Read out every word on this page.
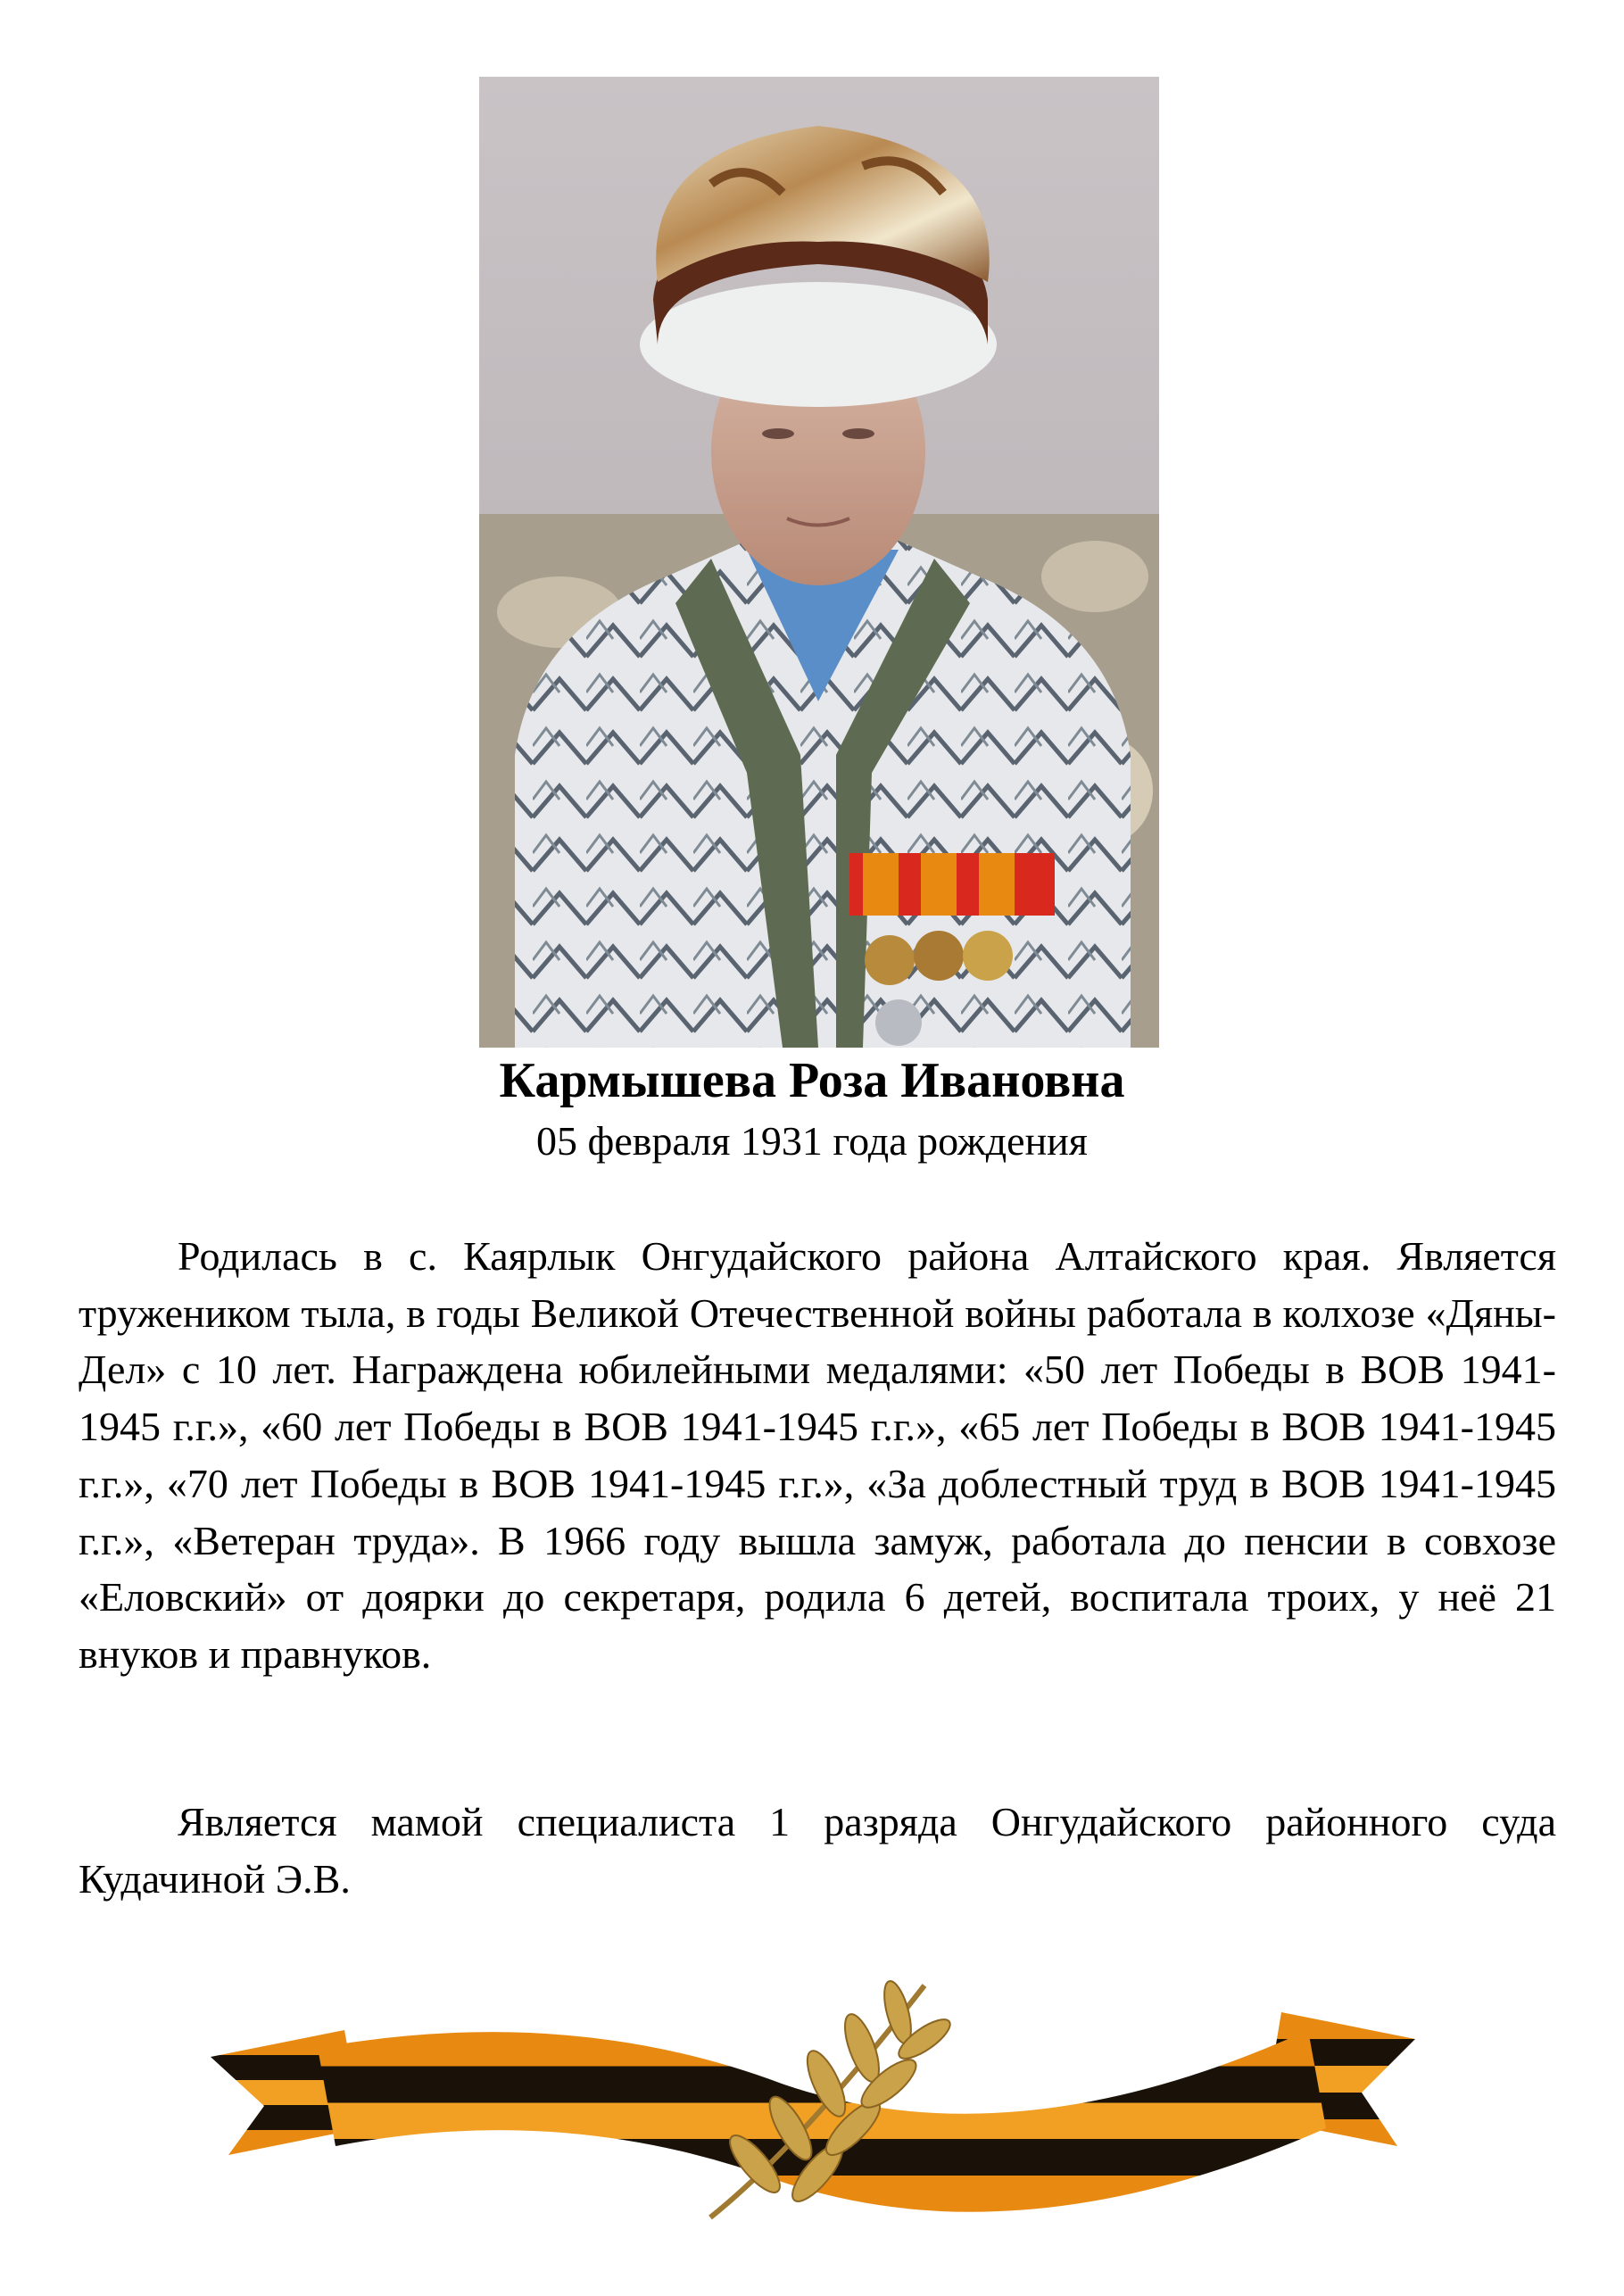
Кармышева Роза Ивановна

05 февраля 1931 года рождения

Родилась в с. Каярлык Онгудайского района Алтайского края. Является тружеником тыла, в годы Великой Отечественной войны работала в колхозе «Дяны-Дел» с 10 лет. Награждена юбилейными медалями: «50 лет Победы в ВОВ 1941-1945 г.г.», «60 лет Победы в ВОВ 1941-1945 г.г.», «65 лет Победы в ВОВ 1941-1945 г.г.», «70 лет Победы в ВОВ 1941-1945 г.г.», «За доблестный труд в ВОВ 1941-1945 г.г.», «Ветеран труда». В 1966 году вышла замуж, работала до пенсии в совхозе «Еловский» от доярки до секретаря, родила 6 детей, воспитала троих, у неё 21 внуков и правнуков.

Является мамой специалиста 1 разряда Онгудайского районного суда Кудачиной Э.В.
